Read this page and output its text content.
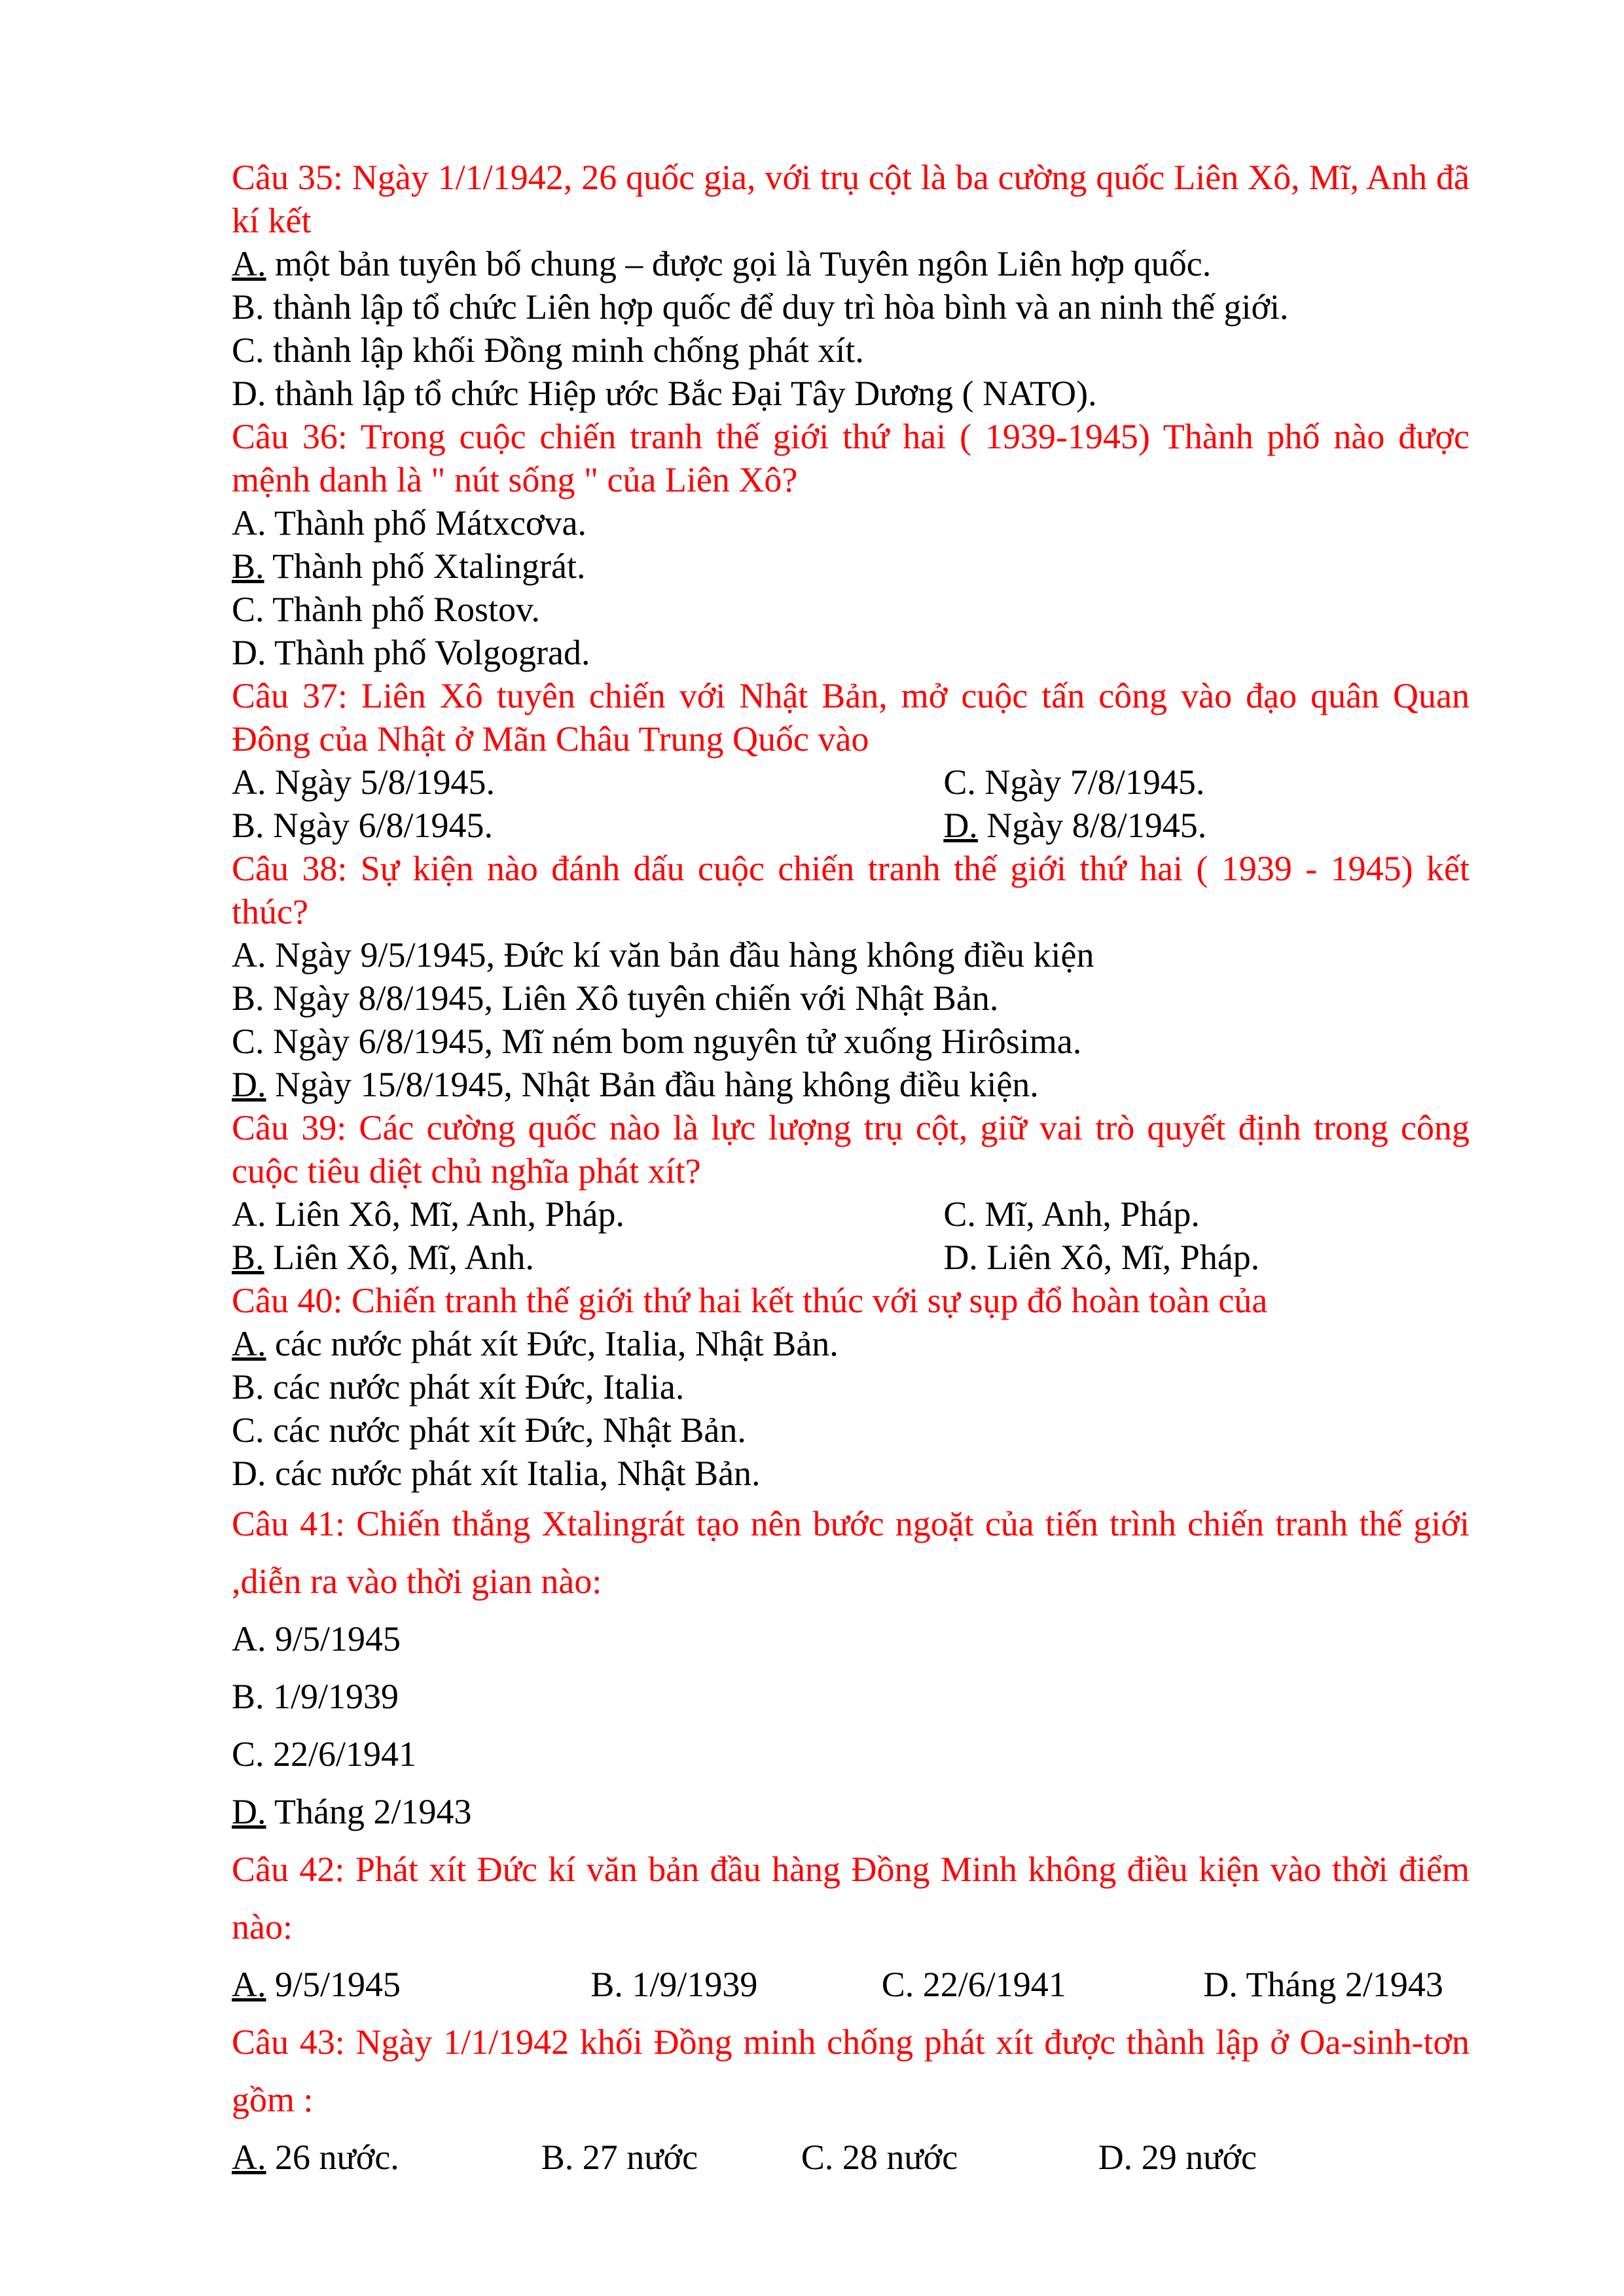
Câu 35: Ngày 1/1/1942, 26 quốc gia, với trụ cột là ba cường quốc Liên Xô, Mĩ, Anh đã kí kết
A. một bản tuyên bố chung – được gọi là Tuyên ngôn Liên hợp quốc.
B. thành lập tổ chức Liên hợp quốc để duy trì hòa bình và an ninh thế giới.
C. thành lập khối Đồng minh chống phát xít.
D. thành lập tổ chức Hiệp ước Bắc Đại Tây Dương ( NATO).
Câu 36: Trong cuộc chiến tranh thế giới thứ hai ( 1939-1945) Thành phố nào được mệnh danh là " nút sống " của Liên Xô?
A. Thành phố Mátxcơva.
B. Thành phố Xtalingrát.
C. Thành phố Rostov.
D. Thành phố Volgograd.
Câu 37: Liên Xô tuyên chiến với Nhật Bản, mở cuộc tấn công vào đạo quân Quan Đông của Nhật ở Mãn Châu Trung Quốc vào
A. Ngày 5/8/1945.	C. Ngày 7/8/1945.
B. Ngày 6/8/1945.	D. Ngày 8/8/1945.
Câu 38: Sự kiện nào đánh dấu cuộc chiến tranh thế giới thứ hai ( 1939 - 1945) kết thúc?
A. Ngày 9/5/1945, Đức kí văn bản đầu hàng không điều kiện
B. Ngày 8/8/1945, Liên Xô tuyên chiến với Nhật Bản.
C. Ngày 6/8/1945, Mĩ ném bom nguyên tử xuống Hirôsima.
D. Ngày 15/8/1945, Nhật Bản đầu hàng không điều kiện.
Câu 39: Các cường quốc nào là lực lượng trụ cột, giữ vai trò quyết định trong công cuộc tiêu diệt chủ nghĩa phát xít?
A. Liên Xô, Mĩ, Anh, Pháp.	C. Mĩ, Anh, Pháp.
B. Liên Xô, Mĩ, Anh.	D. Liên Xô, Mĩ, Pháp.
Câu 40: Chiến tranh thế giới thứ hai kết thúc với sự sụp đổ hoàn toàn của
A. các nước phát xít Đức, Italia, Nhật Bản.
B. các nước phát xít Đức, Italia.
C. các nước phát xít Đức, Nhật Bản.
D. các nước phát xít Italia, Nhật Bản.
Câu 41: Chiến thắng Xtalingrát tạo nên bước ngoặt của tiến trình chiến tranh thế giới ,diễn ra vào thời gian nào:
A. 9/5/1945
B. 1/9/1939
C. 22/6/1941
D. Tháng 2/1943
Câu 42: Phát xít Đức kí văn bản đầu hàng Đồng Minh không điều kiện vào thời điểm nào:
A. 9/5/1945	B. 1/9/1939	C. 22/6/1941	D. Tháng 2/1943
Câu 43: Ngày 1/1/1942 khối Đồng minh chống phát xít được thành lập ở Oa-sinh-tơn gồm :
A. 26 nước.	B. 27 nước	C. 28 nước	D. 29 nước
